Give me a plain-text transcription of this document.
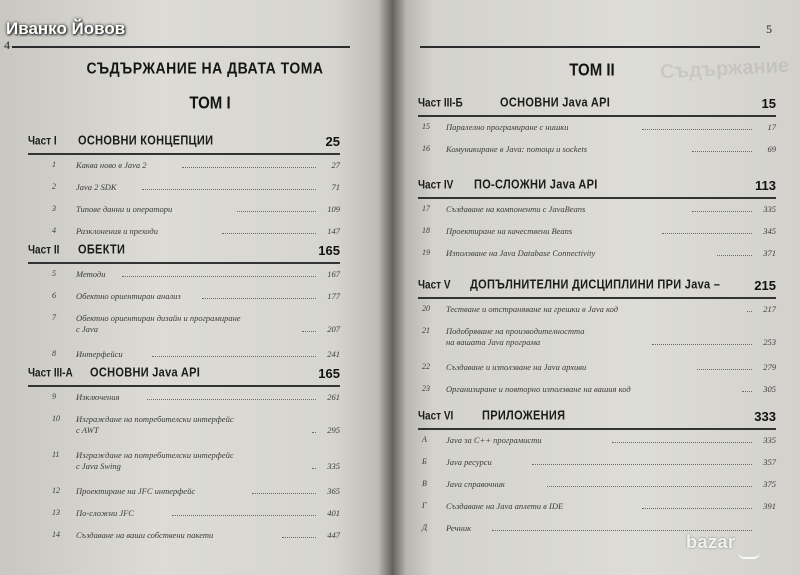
4
СЪДЪРЖАНИЕ НА ДВАТА ТОМА
ТОМ I
Част I ОСНОВНИ КОНЦЕПЦИИ	25
1 Каква ново в Java 2	27
2 Java 2 SDK	71
3 Типове данни и оператори	109
4 Разклонения и преходи	147
Част II ОБЕКТИ	165
5 Методи	167
6 Обектно ориентиран анализ	177
7 Обектно ориентиран дизайн и програмиране
с Java	207
8 Интерфейси	241
Част III-А ОСНОВНИ Java API	165
9 Изключения	261
10 Изграждане на потребителски интерфейс
с AWT	295
11 Изграждане на потребителски интерфейс
с Java Swing	335
12 Проектиране на JFC интерфейс	365
13 По-сложни JFC	401
14 Създаване на ваши собствени пакети	447
5
ТОМ II
Част III-Б	ОСНОВНИ Java API	15
15 Паралелно програмиране с нишки	17
16 Комуникиране в Java: потоци и sockets	69
Част IV ПО-СЛОЖНИ Java API	113
17 Създаване на компоненти с JavaBeans	335
18 Проектиране на качествени Beans	345
19 Използване на Java Database Connectivity	371
Част V ДОПЪЛНИТЕЛНИ ДИСЦИПЛИНИ ПРИ Java –	215
20 Тестване и отстраняване на грешки в Java код	217
21 Подобряване на производителността
на вашата Java програма	253
22 Създаване и използване на Java архиви	279
23 Организиране и повторно използване на вашия код	305
Част VI	ПРИЛОЖЕНИЯ	333
А Java за C++ програмисти	335
Б Java ресурси	357
В Java справочник	375
Г Създаване на Java аплети в IDE	391
Д Речник
Съдържание
Иванко Йовов
bazar
